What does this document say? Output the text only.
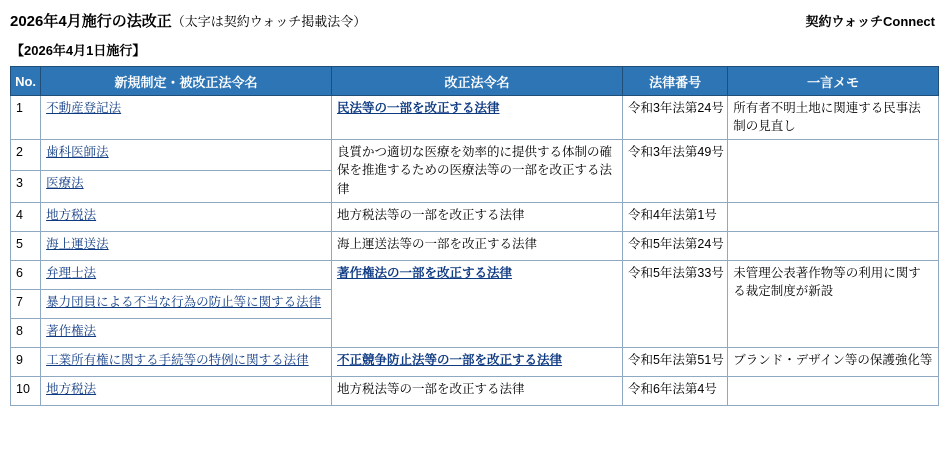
2026年4月施行の法改正（太字は契約ウォッチ掲載法令）	契約ウォッチConnect
【2026年4月1日施行】
No.	新規制定・被改正法令名	改正法令名	法律番号	一言メモ
1	不動産登記法	民法等の一部を改正する法律	令和3年法第24号	所有者不明土地に関連する民事法制の見直し
2	歯科医師法	良質かつ適切な医療を効率的に提供する体制の確保を推進するための医療法等の一部を改正する法律	令和3年法第49号	
3	医療法			
4	地方税法	地方税法等の一部を改正する法律	令和4年法第1号	
5	海上運送法	海上運送法等の一部を改正する法律	令和5年法第24号	
6	弁理士法	著作権法の一部を改正する法律	令和5年法第33号	未管理公表著作物等の利用に関する裁定制度が新設
7	暴力団員による不当な行為の防止等に関する法律			
8	著作権法			
9	工業所有権に関する手続等の特例に関する法律	不正競争防止法等の一部を改正する法律	令和5年法第51号	ブランド・デザイン等の保護強化等
10	地方税法	地方税法等の一部を改正する法律	令和6年法第4号	
